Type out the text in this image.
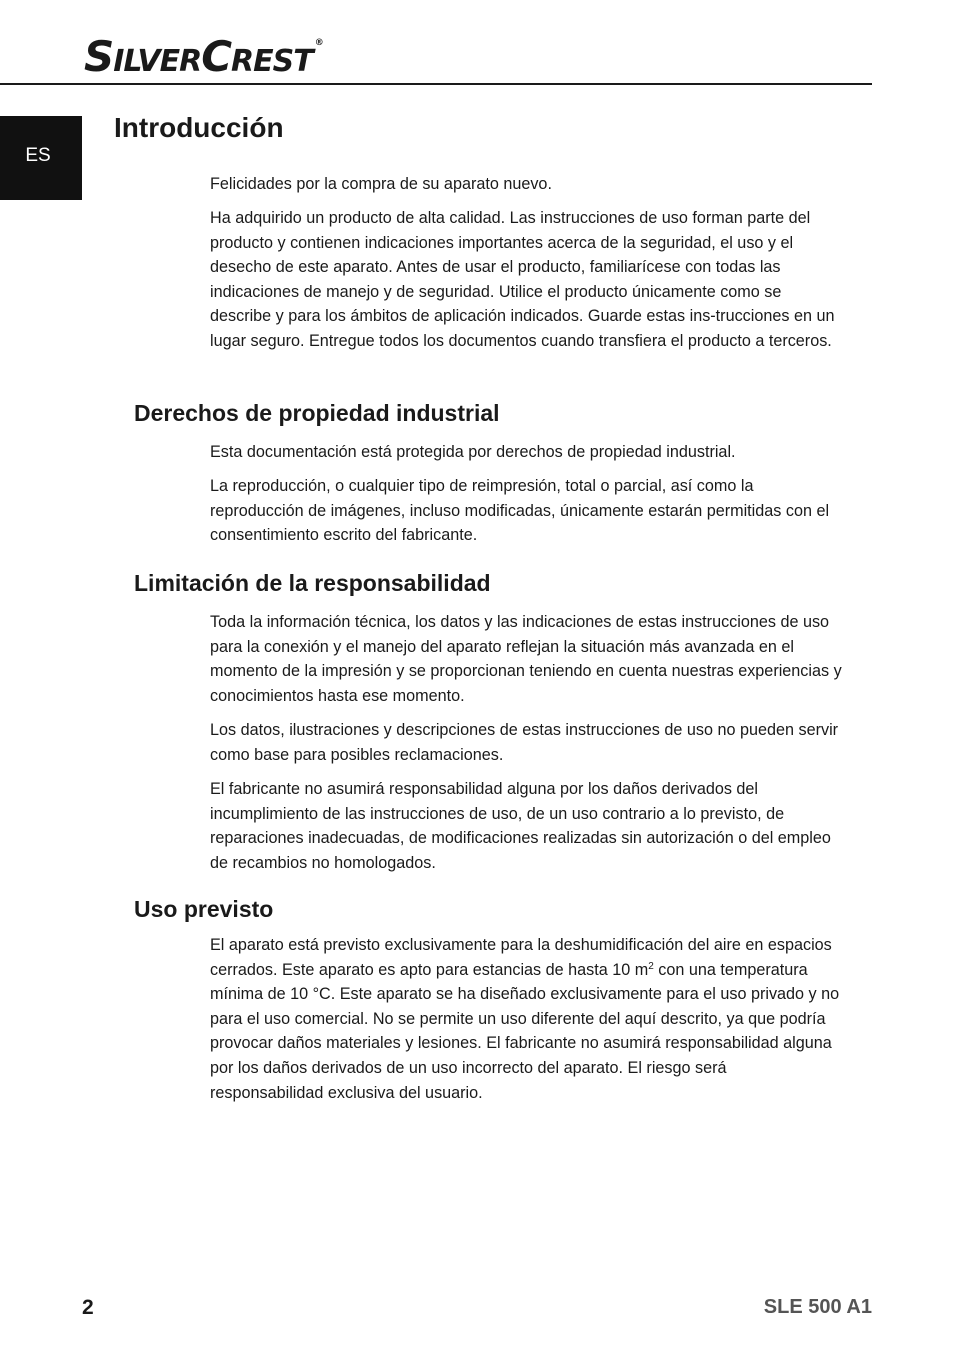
SILVERCREST®
ES
Introducción

Felicidades por la compra de su aparato nuevo.

Ha adquirido un producto de alta calidad. Las instrucciones de uso forman parte del producto y contienen indicaciones importantes acerca de la seguridad, el uso y el desecho de este aparato. Antes de usar el producto, familiarícese con todas las indicaciones de manejo y de seguridad. Utilice el producto únicamente como se describe y para los ámbitos de aplicación indicados. Guarde estas ins-trucciones en un lugar seguro. Entregue todos los documentos cuando transfiera el producto a terceros.

Derechos de propiedad industrial

Esta documentación está protegida por derechos de propiedad industrial.

La reproducción, o cualquier tipo de reimpresión, total o parcial, así como la reproducción de imágenes, incluso modificadas, únicamente estarán permitidas con el consentimiento escrito del fabricante.

Limitación de la responsabilidad

Toda la información técnica, los datos y las indicaciones de estas instrucciones de uso para la conexión y el manejo del aparato reflejan la situación más avanzada en el momento de la impresión y se proporcionan teniendo en cuenta nuestras experiencias y conocimientos hasta ese momento.

Los datos, ilustraciones y descripciones de estas instrucciones de uso no pueden servir como base para posibles reclamaciones.

El fabricante no asumirá responsabilidad alguna por los daños derivados del incumplimiento de las instrucciones de uso, de un uso contrario a lo previsto, de reparaciones inadecuadas, de modificaciones realizadas sin autorización o del empleo de recambios no homologados.

Uso previsto

El aparato está previsto exclusivamente para la deshumidificación del aire en espacios cerrados. Este aparato es apto para estancias de hasta 10 $m^2$ con una temperatura mínima de 10 °C. Este aparato se ha diseñado exclusivamente para el uso privado y no para el uso comercial. No se permite un uso diferente del aquí descrito, ya que podría provocar daños materiales y lesiones. El fabricante no asumirá responsabilidad alguna por los daños derivados de un uso incorrecto del aparato. El riesgo será responsabilidad exclusiva del usuario.

2	SLE 500 A1
